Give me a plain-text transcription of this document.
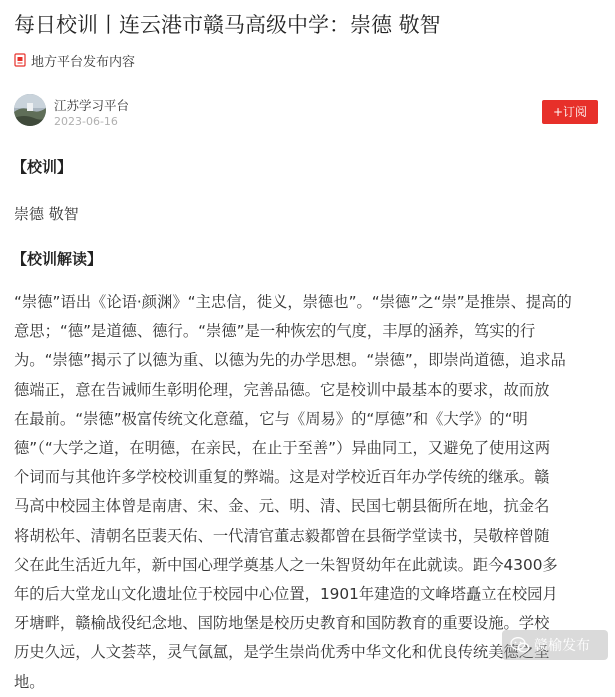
每日校训丨连云港市赣马高级中学：崇德 敬智
地方平台发布内容
江苏学习平台
2023-06-16
+订阅

【校训】

崇德 敬智

【校训解读】

“崇德”语出《论语·颜渊》“主忠信，徙义，崇德也”。“崇德”之“崇”是推崇、提高的
意思；“德”是道德、德行。“崇德”是一种恢宏的气度，丰厚的涵养，笃实的行
为。“崇德”揭示了以德为重、以德为先的办学思想。“崇德”，即崇尚道德，追求品
德端正，意在告诫师生彰明伦理，完善品德。它是校训中最基本的要求，故而放
在最前。“崇德”极富传统文化意蕴，它与《周易》的“厚德”和《大学》的“明
德”（“大学之道，在明德，在亲民，在止于至善”）异曲同工，又避免了使用这两
个词而与其他许多学校校训重复的弊端。这是对学校近百年办学传统的继承。赣
马高中校园主体曾是南唐、宋、金、元、明、清、民国七朝县衙所在地，抗金名
将胡松年、清朝名臣裴天佑、一代清官董志毅都曾在县衙学堂读书，吴敬梓曾随
父在此生活近九年，新中国心理学奠基人之一朱智贤幼年在此就读。距今4300多
年的后大堂龙山文化遗址位于校园中心位置，1901年建造的文峰塔矗立在校园月
牙塘畔，赣榆战役纪念地、国防地堡是校历史教育和国防教育的重要设施。学校
历史久远，人文荟萃，灵气氤氲，是学生崇尚优秀中华文化和优良传统美德之圣
地。

赣榆发布
